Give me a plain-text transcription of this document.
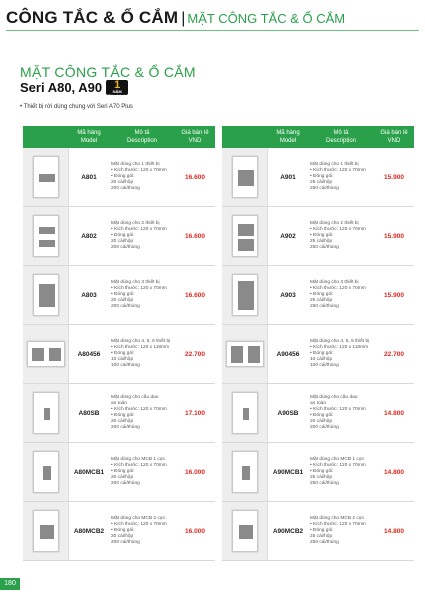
CÔNG TẮC & Ổ CẮM | MẶT CÔNG TẮC & Ổ CẮM
MẶT CÔNG TẮC & Ổ CẮM
Seri A80, A90	1
NĂM
Bảo hành
• Thiết bị rời dùng chung với Seri A70 Plus
Mã hàng
Model
Mô tả
Description
Giá bán lẻ
VND
A801
Mặt dùng cho 1 thiết bị
• Kích thước: 120 x 70mm
• Đóng gói:
20 cái/hộp
200 cái/thùng
16.600
A802
Mặt dùng cho 2 thiết bị
• Kích thước: 120 x 70mm
• Đóng gói:
20 cái/hộp
200 cái/thùng
16.600
A803
Mặt dùng cho 3 thiết bị
• Kích thước: 120 x 70mm
• Đóng gói:
20 cái/hộp
200 cái/thùng
16.600
A80456
Mặt dùng cho 4, 5, 6 thiết bị
• Kích thước: 120 x 118mm
• Đóng gói:
10 cái/hộp
100 cái/thùng
22.700
A80SB
Mặt dùng cho cầu dao
an toàn
• Kích thước: 120 x 70mm
• Đóng gói:
20 cái/hộp
200 cái/thùng
17.100
A80MCB1
Mặt dùng cho MCB 1 cực
• Kích thước: 120 x 70mm
• Đóng gói:
20 cái/hộp
200 cái/thùng
16.000
A80MCB2
Mặt dùng cho MCB 2 cực
• Kích thước: 120 x 70mm
• Đóng gói:
20 cái/hộp
200 cái/thùng
16.000
Mã hàng
Model
Mô tả
Description
Giá bán lẻ
VND
A901
Mặt dùng cho 1 thiết bị
• Kích thước: 120 x 70mm
• Đóng gói:
25 cái/hộp
250 cái/thùng
15.900
A902
Mặt dùng cho 2 thiết bị
• Kích thước: 120 x 70mm
• Đóng gói:
25 cái/hộp
250 cái/thùng
15.900
A903
Mặt dùng cho 3 thiết bị
• Kích thước: 120 x 70mm
• Đóng gói:
25 cái/hộp
250 cái/thùng
15.900
A90456
Mặt dùng cho 4, 5, 6 thiết bị
• Kích thước: 120 x 118mm
• Đóng gói:
10 cái/hộp
100 cái/thùng
22.700
A90SB
Mặt dùng cho cầu dao
an toàn
• Kích thước: 120 x 70mm
• Đóng gói:
20 cái/hộp
200 cái/thùng
14.800
A90MCB1
Mặt dùng cho MCB 1 cực
• Kích thước: 120 x 70mm
• Đóng gói:
25 cái/hộp
250 cái/thùng
14.800
A90MCB2
Mặt dùng cho MCB 2 cực
• Kích thước: 120 x 70mm
• Đóng gói:
25 cái/hộp
250 cái/thùng
14.800
180
